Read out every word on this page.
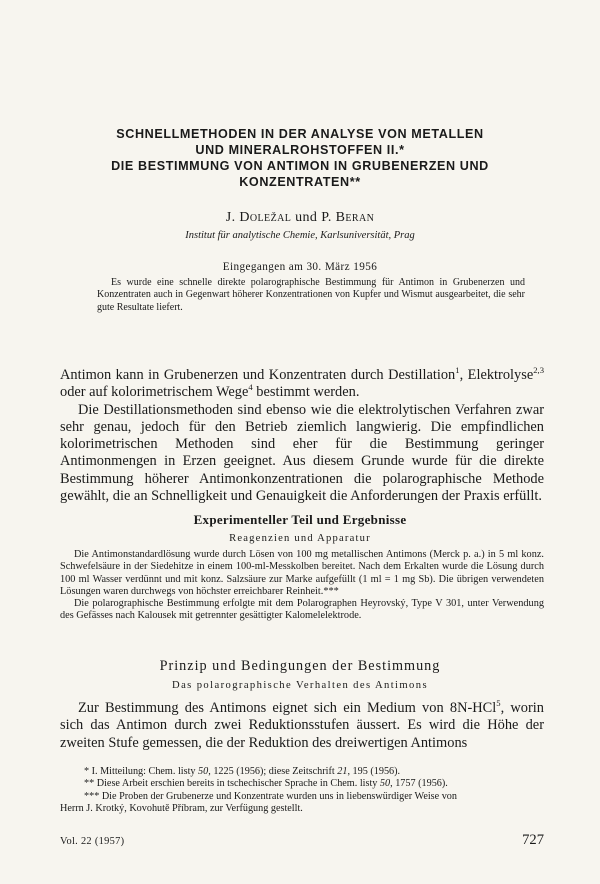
SCHNELLMETHODEN IN DER ANALYSE VON METALLEN
UND MINERALROHSTOFFEN II.*
DIE BESTIMMUNG VON ANTIMON IN GRUBENERZEN UND
KONZENTRATEN**
J. Doležal und P. Beran
Institut für analytische Chemie, Karlsuniversität, Prag
Eingegangen am 30. März 1956
Es wurde eine schnelle direkte polarographische Bestimmung für Antimon in Grubenerzen und Konzentraten auch in Gegenwart höherer Konzentrationen von Kupfer und Wismut ausgearbeitet, die sehr gute Resultate liefert.

Antimon kann in Grubenerzen und Konzentraten durch Destillation$^1$, Elektrolyse$^{2,3}$ oder auf kolorimetrischem Wege$^4$ bestimmt werden.

Die Destillationsmethoden sind ebenso wie die elektrolytischen Verfahren zwar sehr genau, jedoch für den Betrieb ziemlich langwierig. Die empfindlichen kolorimetrischen Methoden sind eher für die Bestimmung geringer Antimonmengen in Erzen geeignet. Aus diesem Grunde wurde für die direkte Bestimmung höherer Antimonkonzentrationen die polarographische Methode gewählt, die an Schnelligkeit und Genauigkeit die Anforderungen der Praxis erfüllt.

Experimenteller Teil und Ergebnisse
Reagenzien und Apparatur

Die Antimonstandardlösung wurde durch Lösen von 100 mg metallischen Antimons (Merck p. a.) in 5 ml konz. Schwefelsäure in der Siedehitze in einem 100-ml-Messkolben bereitet. Nach dem Erkalten wurde die Lösung durch 100 ml Wasser verdünnt und mit konz. Salzsäure zur Marke aufgefüllt (1 ml = 1 mg Sb). Die übrigen verwendeten Lösungen waren durchwegs von höchster erreichbarer Reinheit.***

Die polarographische Bestimmung erfolgte mit dem Polarographen Heyrovský, Type V 301, unter Verwendung des Gefässes nach Kalousek mit getrennter gesättigter Kalomelelektrode.

Prinzip und Bedingungen der Bestimmung
Das polarographische Verhalten des Antimons
Zur Bestimmung des Antimons eignet sich ein Medium von 8N-HCl$^5$, worin sich das Antimon durch zwei Reduktionsstufen äussert. Es wird die Höhe der zweiten Stufe gemessen, die der Reduktion des dreiwertigen Antimons

* I. Mitteilung: Chem. listy 50, 1225 (1956); diese Zeitschrift 21, 195 (1956).

** Diese Arbeit erschien bereits in tschechischer Sprache in Chem. listy 50, 1757 (1956).

*** Die Proben der Grubenerze und Konzentrate wurden uns in liebenswürdiger Weise von

Herrn J. Krotký, Kovohutě Příbram, zur Verfügung gestellt.

Vol. 22 (1957)	727
